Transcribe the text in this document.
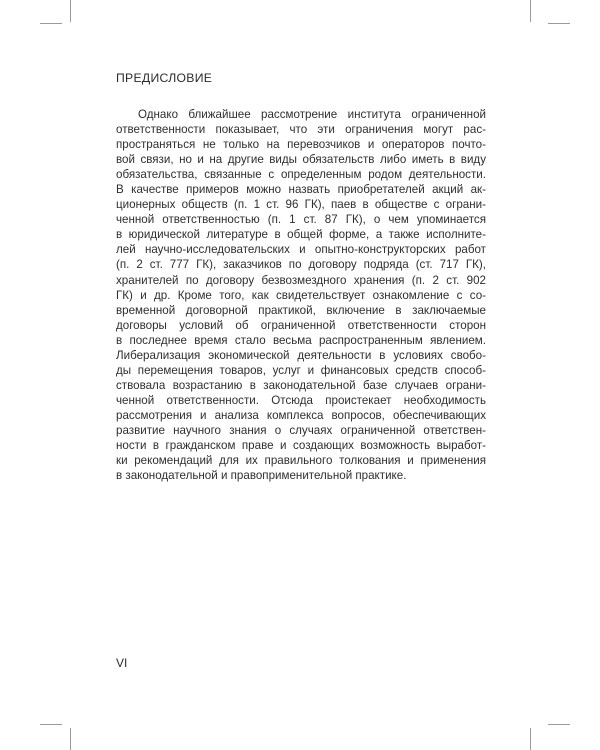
ПРЕДИСЛОВИЕ
Однако ближайшее рассмотрение института ограниченной
ответственности показывает, что эти ограничения могут рас-
пространяться не только на перевозчиков и операторов почто-
вой связи, но и на другие виды обязательств либо иметь в виду
обязательства, связанные с определенным родом деятельности.
В качестве примеров можно назвать приобретателей акций ак-
ционерных обществ (п. 1 ст. 96 ГК), паев в обществе с ограни-
ченной ответственностью (п. 1 ст. 87 ГК), о чем упоминается
в юридической литературе в общей форме, а также исполните-
лей научно-исследовательских и опытно-конструкторских работ
(п. 2 ст. 777 ГК), заказчиков по договору подряда (ст. 717 ГК),
хранителей по договору безвозмездного хранения (п. 2 ст. 902
ГК) и др. Кроме того, как свидетельствует ознакомление с со-
временной договорной практикой, включение в заключаемые
договоры условий об ограниченной ответственности сторон
в последнее время стало весьма распространенным явлением.
Либерализация экономической деятельности в условиях свобо-
ды перемещения товаров, услуг и финансовых средств способ-
ствовала возрастанию в законодательной базе случаев ограни-
ченной ответственности. Отсюда проистекает необходимость
рассмотрения и анализа комплекса вопросов, обеспечивающих
развитие научного знания о случаях ограниченной ответствен-
ности в гражданском праве и создающих возможность выработ-
ки рекомендаций для их правильного толкования и применения
в законодательной и правоприменительной практике.
VI
